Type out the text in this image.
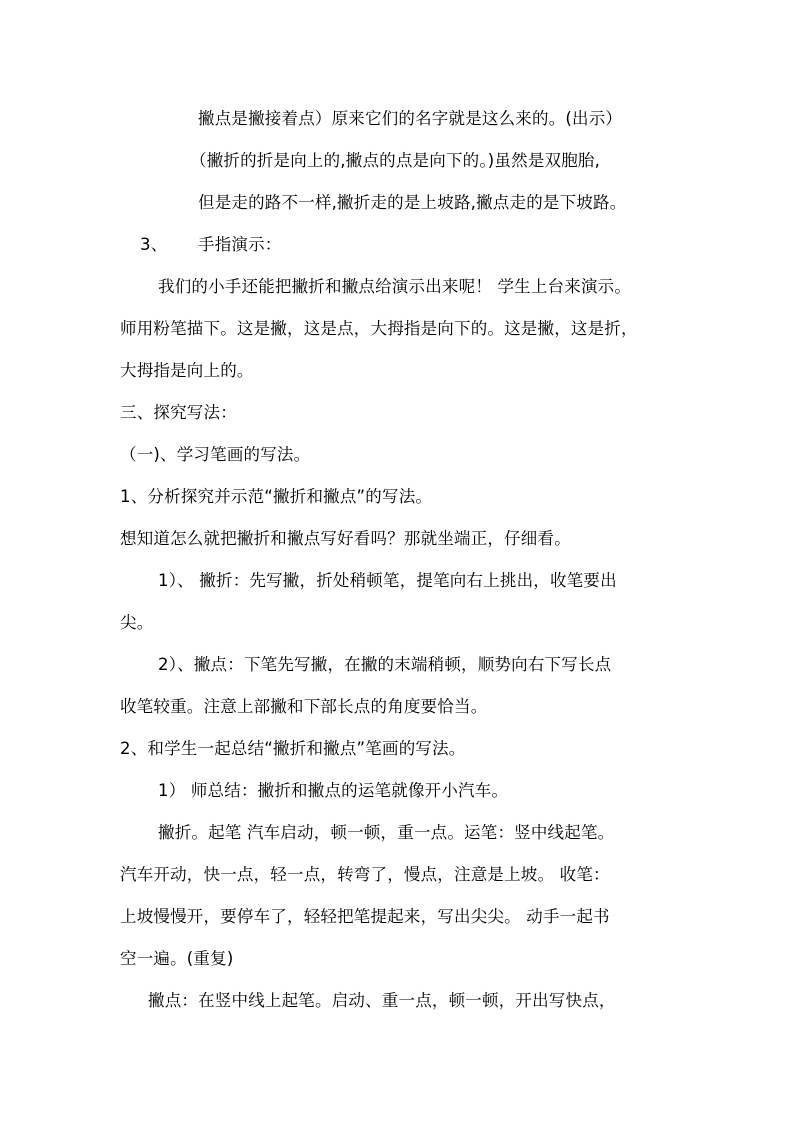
撇点是撇接着点）原来它们的名字就是这么来的。(出示）
（撇折的折是向上的,撇点的点是向下的。)虽然是双胞胎,
但是走的路不一样,撇折走的是上坡路,撇点走的是下坡路。
3、 手指演示：
我们的小手还能把撇折和撇点给演示出来呢！ 学生上台来演示。
师用粉笔描下。这是撇，这是点，大拇指是向下的。这是撇，这是折，
大拇指是向上的。
三、探究写法：
（一)、学习笔画的写法。
1、分析探究并示范“撇折和撇点”的写法。
想知道怎么就把撇折和撇点写好看吗？那就坐端正，仔细看。
1）、 撇折：先写撇，折处稍顿笔，提笔向右上挑出，收笔要出
尖。
2）、撇点：下笔先写撇，在撇的末端稍顿，顺势向右下写长点
收笔较重。注意上部撇和下部长点的角度要恰当。
2、和学生一起总结“撇折和撇点”笔画的写法。
1） 师总结：撇折和撇点的运笔就像开小汽车。
撇折。起笔 汽车启动，顿一顿，重一点。运笔：竖中线起笔。
汽车开动，快一点，轻一点，转弯了，慢点，注意是上坡。 收笔：
上坡慢慢开，要停车了，轻轻把笔提起来，写出尖尖。 动手一起书
空一遍。(重复)
撇点：在竖中线上起笔。启动、重一点，顿一顿，开出写快点，
